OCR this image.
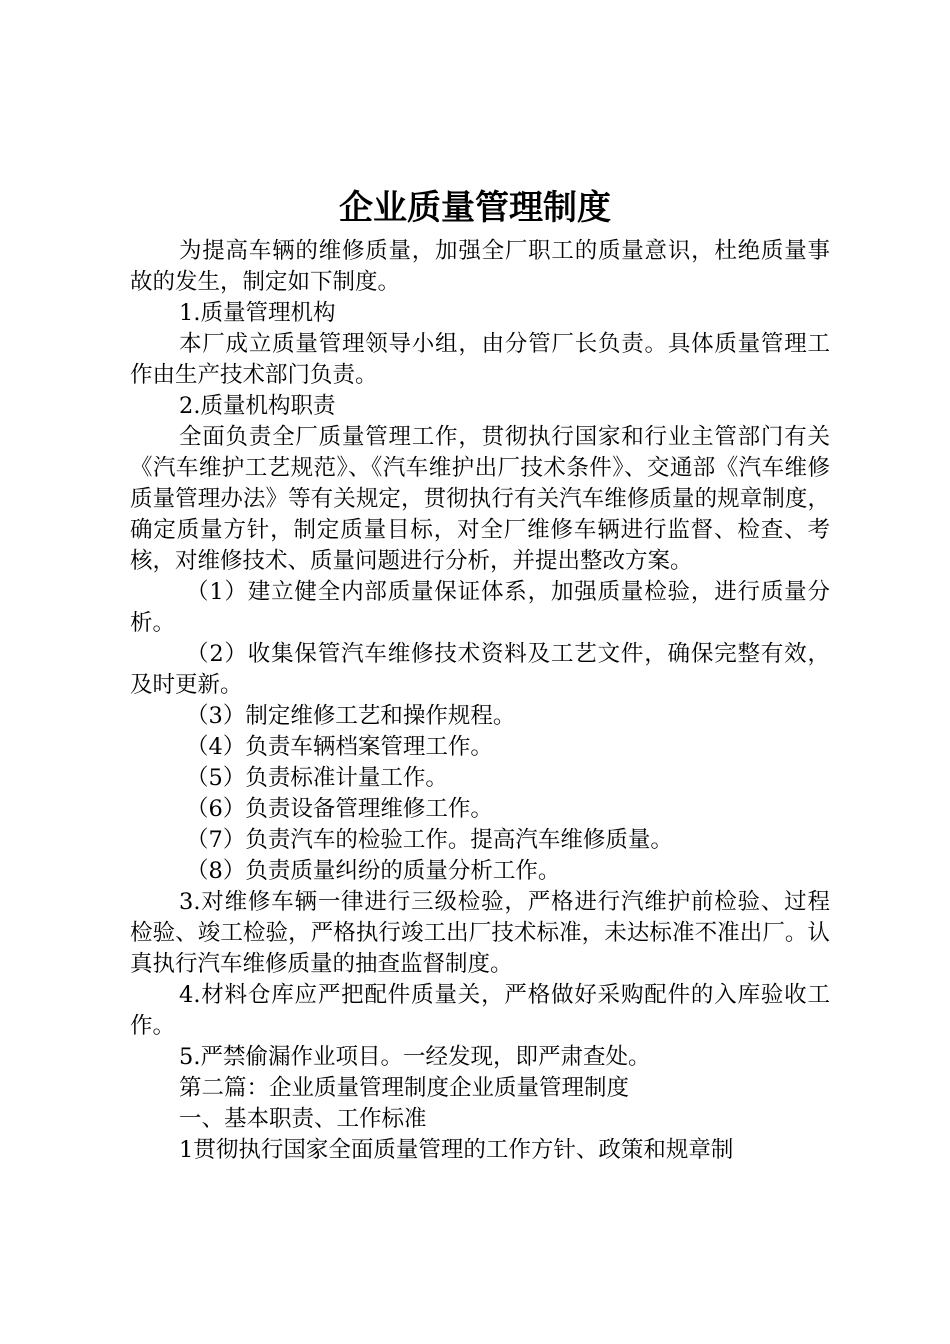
企业质量管理制度

为提高车辆的维修质量，加强全厂职工的质量意识，杜绝质量事故的发生，制定如下制度。

1.质量管理机构

本厂成立质量管理领导小组，由分管厂长负责。具体质量管理工作由生产技术部门负责。

2.质量机构职责

全面负责全厂质量管理工作，贯彻执行国家和行业主管部门有关《汽车维护工艺规范》、《汽车维护出厂技术条件》、交通部《汽车维修质量管理办法》等有关规定，贯彻执行有关汽车维修质量的规章制度，确定质量方针，制定质量目标，对全厂维修车辆进行监督、检查、考核，对维修技术、质量问题进行分析，并提出整改方案。

（1）建立健全内部质量保证体系，加强质量检验，进行质量分析。

（2）收集保管汽车维修技术资料及工艺文件，确保完整有效，及时更新。

（3）制定维修工艺和操作规程。

（4）负责车辆档案管理工作。

（5）负责标准计量工作。

（6）负责设备管理维修工作。

（7）负责汽车的检验工作。提高汽车维修质量。

（8）负责质量纠纷的质量分析工作。

3.对维修车辆一律进行三级检验，严格进行汽维护前检验、过程检验、竣工检验，严格执行竣工出厂技术标准，未达标准不准出厂。认真执行汽车维修质量的抽查监督制度。

4.材料仓库应严把配件质量关，严格做好采购配件的入库验收工作。

5.严禁偷漏作业项目。一经发现，即严肃查处。

第二篇：企业质量管理制度企业质量管理制度

一、基本职责、工作标准

1贯彻执行国家全面质量管理的工作方针、政策和规章制
